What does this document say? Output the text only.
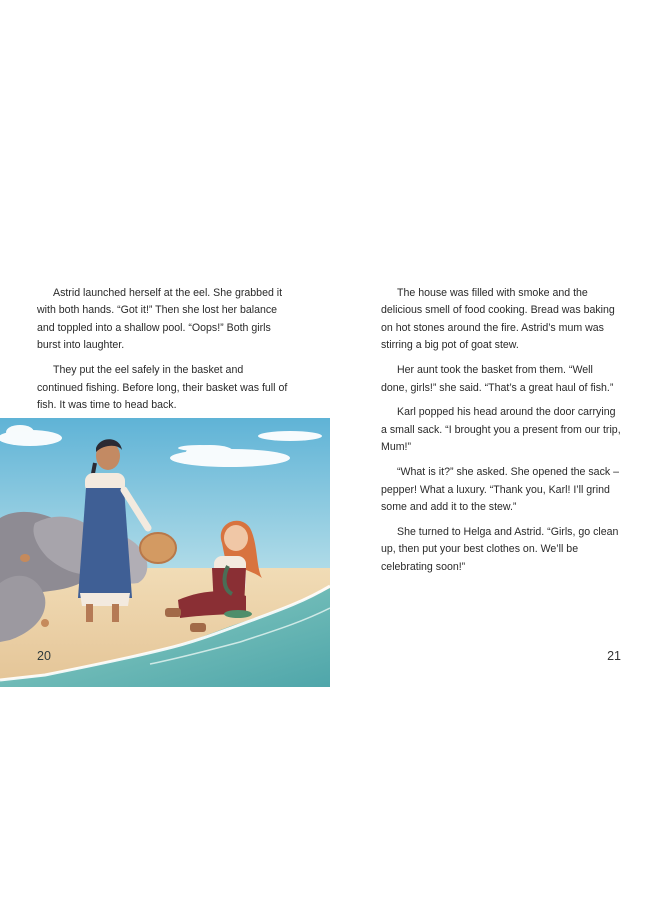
Astrid launched herself at the eel. She grabbed it with both hands. “Got it!” Then she lost her balance and toppled into a shallow pool. “Oops!” Both girls burst into laughter.

They put the eel safely in the basket and continued fishing. Before long, their basket was full of fish. It was time to head back.

20

The house was filled with smoke and the delicious smell of food cooking. Bread was baking on hot stones around the fire. Astrid’s mum was stirring a big pot of goat stew.

Her aunt took the basket from them. “Well done, girls!” she said. “That’s a great haul of fish.”

Karl popped his head around the door carrying a small sack. “I brought you a present from our trip, Mum!”

“What is it?” she asked. She opened the sack – pepper! What a luxury. “Thank you, Karl! I’ll grind some and add it to the stew.”

She turned to Helga and Astrid. “Girls, go clean up, then put your best clothes on. We’ll be celebrating soon!”

21
